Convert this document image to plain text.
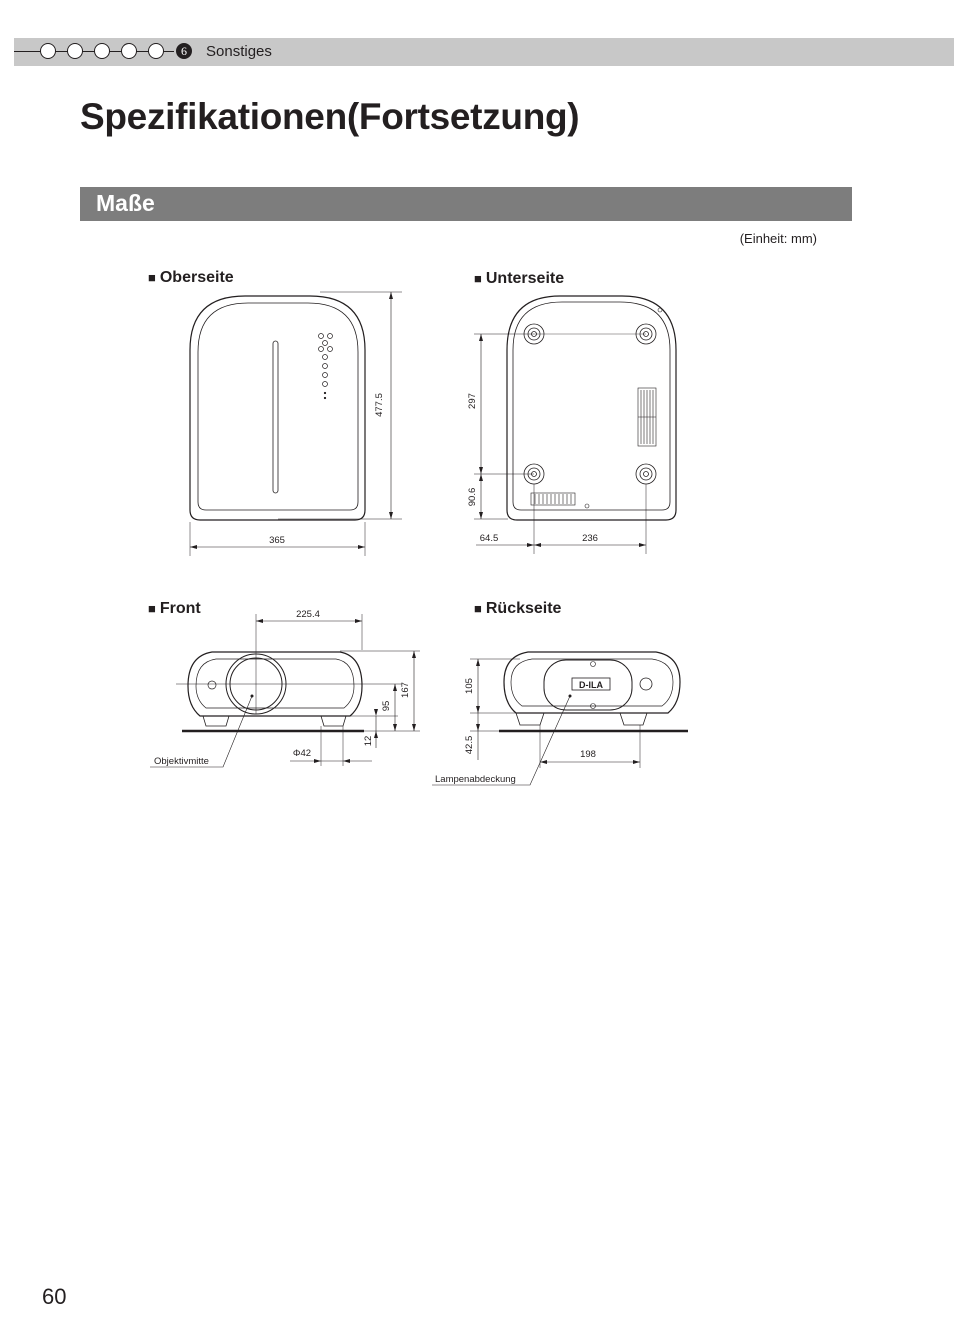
6	Sonstiges
Spezifikationen(Fortsetzung)
Maße
(Einheit: mm)
■ Oberseite	■ Unterseite
■ Front	■ Rückseite
477.5
365
297
90.6
64.5	236
225.4
167
95
12
Φ42
Objektivmitte
D-ILA
105
42.5
198
Lampenabdeckung
60
